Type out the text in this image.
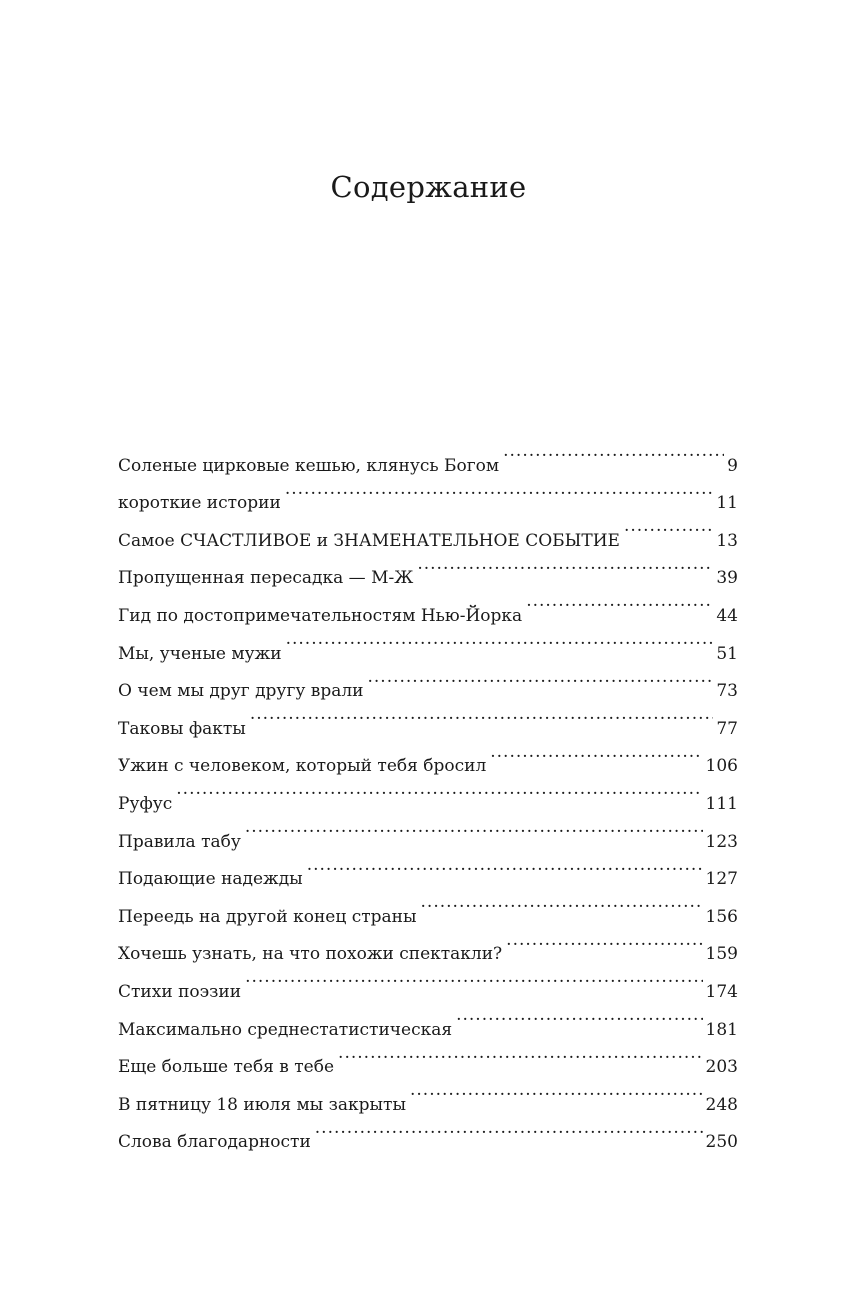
Содержание
Соленые цирковые кешью, клянусь Богом .....	9
короткие истории .....	11
Самое СЧАСТЛИВОЕ и ЗНАМЕНАТЕЛЬНОЕ СОБЫТИЕ .....	13
Пропущенная пересадка — М-Ж .....	39
Гид по достопримечательностям Нью-Йорка .....	44
Мы, ученые мужи .....	51
О чем мы друг другу врали .....	73
Таковы факты .....	77
Ужин с человеком, который тебя бросил .....	106
Руфус .....	111
Правила табу .....	123
Подающие надежды .....	127
Переедь на другой конец страны .....	156
Хочешь узнать, на что похожи спектакли? .....	159
Стихи поэзии .....	174
Максимально среднестатистическая .....	181
Еще больше тебя в тебе .....	203
В пятницу 18 июля мы закрыты .....	248
Слова благодарности .....	250
